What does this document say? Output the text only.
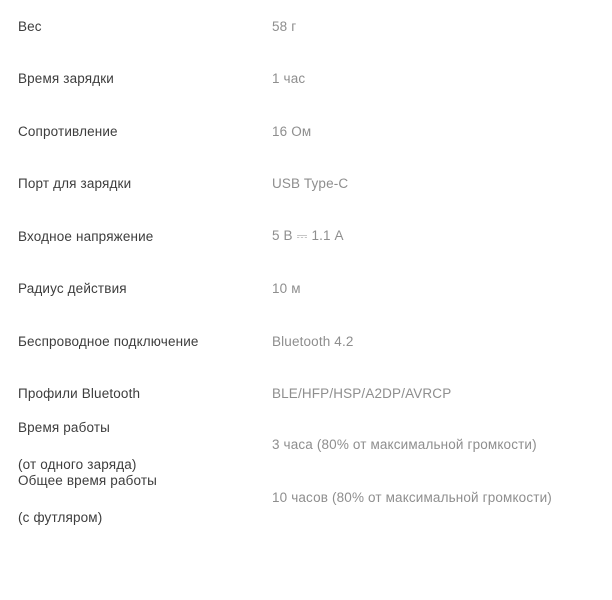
Вес	58 г
Время зарядки	1 час
Сопротивление	16 Ом
Порт для зарядки	USB Type-C
Входное напряжение	5 В ⎓ 1.1 А
Радиус действия	10 м
Беспроводное подключение	Bluetooth 4.2
Профили Bluetooth	BLE/HFP/HSP/A2DP/AVRCP

Время работы
(от одного заряда)	3 часа (80% от максимальной громкости)

Общее время работы
(с футляром)	10 часов (80% от максимальной громкости)
